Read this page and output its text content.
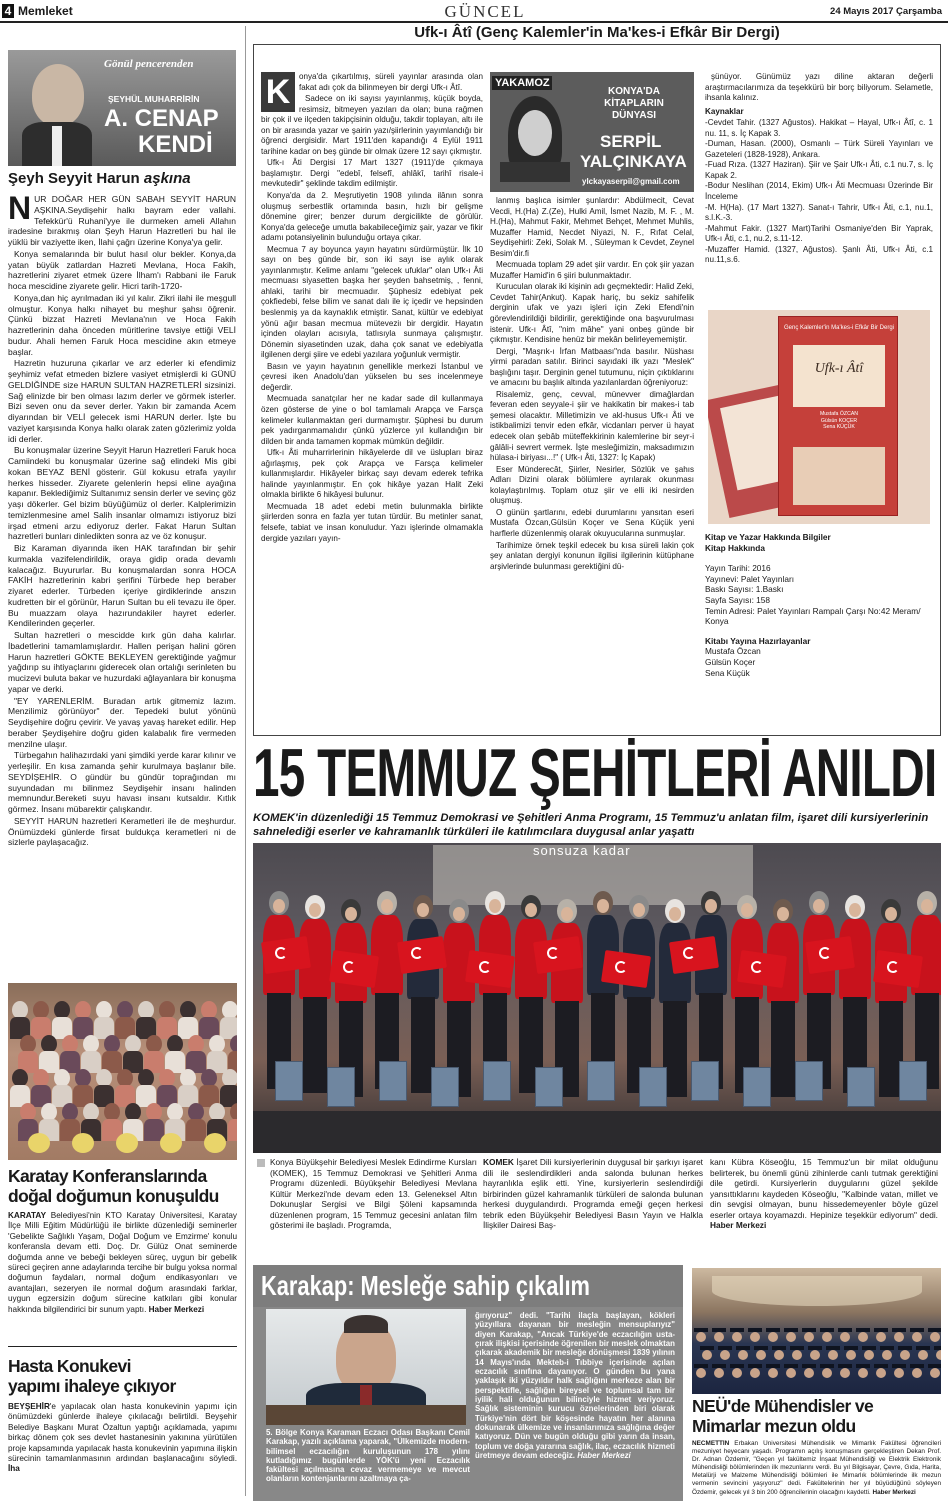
4 Memleket	GÜNCEL	24 Mayıs 2017 Çarşamba
Gönül pencerenden
ŞEYHÜL MUHARRİRİN
A. CENAP
KENDİ
Şeyh Seyyit Harun aşkına
N UR DOĞAR HER GÜN SABAH SEYYİT HARUN AŞKINA.Seydişehir halkı bayram eder vallahi. Tefekkür'ü Ruhani'yye ile durmeken ameli Allahın iradesine bırakmış olan Şeyh Harun Hazretleri bu hal ile yüklü bir vaziyette iken, İlahi çağrı üzerine Konya'ya gelir.

Konya semalarında bir bulut hasıl olur bekler. Konya,da yatan büyük zatlardan Hazreti Mevlana, Hoca Fakih, hazretlerini ziyaret etmek üzere İlham'ı Rabbani ile Faruk hoca mescidine ziyarete gelir. Hicri tarih-1720-

Konya,dan hiç ayrılmadan iki yıl kalır. Zikri ilahi ile meşgull olmuştur. Konya halkı nihayet bu meşhur şahsı öğrenir. Çünkü bizzat Hazreti Mevlana'nın ve Hoca Fakih hazretlerinin daha önceden müritlerine tavsiye ettiği VELİ budur. Ahali hemen Faruk Hoca mescidine akın etmeye başlar.

Hazretin huzuruna çıkarlar ve arz ederler ki efendimiz şeyhimiz vefat etmeden bizlere vasiyet etmişlerdi ki GÜNÜ GELDİĞİNDE size HARUN SULTAN HAZRETLERİ sizsinizi. Sağ elinizde bir ben olması lazım derler ve görmek isterler. Bizi seven onu da sever derler. Yakın bir zamanda Acem diyarından bir VELİ gelecek ismi HARUN derler. İşte bu vaziyet karşısında Konya halkı olarak zaten gözlerimiz yolda idi derler.

Bu konuşmalar üzerine Seyyit Harun Hazretleri Faruk hoca Camiindeki bu konuşmalar üzerine sağ elindeki Mis gibi kokan BEYAZ BENİ gösterir. Gül kokusu etrafa yayılır herkes hisseder. Ziyarete gelenlerin hepsi eline ayağına kapanır. Beklediğimiz Sultanımız sensin derler ve sevinç göz yaşı dökerler. Gel bizim büyüğümüz ol derler. Kalplerimizin temizlenmesine amel Salih insanlar olmamızı istiyoruz bizi irşad etmeni arzu ediyoruz derler. Fakat Harun Sultan hazretleri bunları dinledikten sonra az ve öz konuşur.

Biz Karaman diyarında iken HAK tarafından bir şehir kurmakla vazifelendirildik, oraya gidip orada devamlı kalacağız. Buyururlar. Bu konuşmalardan sonra HOCA FAKİH hazretlerinin kabri şerifini Türbede hep beraber ziyaret ederler. Türbeden içeriye girdiklerinde anszın kudretten bir el görünür, Harun Sultan bu eli tevazu ile öper. Bu muazzam olaya hazırundakiler hayret ederler. Kendilerinden geçerler.

Sultan hazretleri o mescidde kırk gün daha kalırlar. İbadetlerini tamamlamışlardır. Hallen perişan halini gören Harun hazretleri GÖKTE BEKLEYEN gerektiğinde yağmur yağdırıp su ihtiyaçlarını giderecek olan ortalığı serinleten bu mucizevi buluta bakar ve huzurdaki ağlayanlara bir konuşma yapar ve derki.

"EY YARENLERİM. Buradan artık gitmemiz lazım. Menzilimiz görünüyor" der. Tepedeki bulut yönünü Seydişehire doğru çevirir. Ve yavaş yavaş hareket edilir. Hep beraber Şeydişehire doğru giden kalabalık fire vermeden menzilne ulaşır.

Türbegahın halihazırdaki yani şimdiki yerde karar kılınır ve yerleşilir. En kısa zamanda şehir kurulmaya başlanır bile. SEYDİŞEHİR. O gündür bu gündür toprağından mı suyundadan mı bilinmez Seydişehir insanı halinden memnundur.Bereketi suyu havası insanı kutsaldır. Kıtlık görmez. İnsanı mübarektir çalışkandır.

SEYYİT HARUN hazretleri Kerametleri ile de meşhurdur. Önümüzdeki günlerde firsat buldukça kerametleri ni de sizlerle paylaşacağız.

Karatay Konferanslarında
doğal doğumun konuşuldu
KARATAY Belediyesi'nin KTO Karatay Üniversitesi, Karatay İlçe Milli Eğitim Müdürlüğü ile birlikte düzenlediği seminerler 'Gebelikte Sağlıklı Yaşam, Doğal Doğum ve Emzirme' konulu konferansla devam etti. Doç. Dr. Gülüz Onat seminerde doğumda anne ve bebeği bekleyen süreç, uygun bir gebelik süreci geçiren anne adaylarında tercihe bir bulgu yoksa normal doğumun faydaları, normal doğum endikasyonları ve avantajları, sezeryen ile normal doğum arasındaki farklar, uygun egzersizin doğum sürecine katkıları gibi konular hakkında bilgilendirici bir sunum yaptı. Haber Merkezi
Hasta Konukevi
yapımı ihaleye çıkıyor
BEYŞEHİR'e yapılacak olan hasta konukevinin yapımı için önümüzdeki günlerde ihaleye çıkılacağı belirtildi. Beyşehir Belediye Başkanı Murat Özaltun yaptığı açıklamada, yapımı birkaç dönem çok ses devlet hastanesinin yakınına yürütülen proje kapsamında yapılacak hasta konukevinin yapımına ilişkin sürecinin tamamlanmasının ardından başlanacağını söyledi. İha
Ufk-ı Âtî (Genç Kalemler'in Ma'kes-i Efkâr Bir Dergi)
K	onya'da çıkartılmış, süreli yayınlar arasında olan fakat adı çok da bilinmeyen bir dergi Ufk-ı Âtî.

Sadece on iki sayısı yayınlanmış, küçük boyda, resimsiz, bitmeyen yazıları da olan; buna rağmen bir çok il ve ilçeden takipçisinin olduğu, takdir toplayan, altı ile on bir arasında yazar ve şairin yazı/şiirlerinin yayımlandığı bir öğrenci dergisidir. Mart 1911'den kapandığı 4 Eylül 1911 tarihine kadar on beş günde bir olmak üzere 12 sayı çıkmıştır.

Ufk-ı Âti Dergisi 17 Mart 1327 (1911)'de çıkmaya başlamıştır. Dergi "edebî, felsefî, ahlâkî, tarihî risale-i mevkutedir" şeklinde takdim edilmiştir.

Konya'da da 2. Meşrutiyetin 1908 yılında ilânın sonra oluşmuş serbestlik ortamında basın, hızlı bir gelişme dönemine girer; benzer durum dergicilikte de görülür. Konya'da geleceğe umutla bakabileceğimiz şair, yazar ve fikir adamı potansiyelinin bulunduğu ortaya çıkar.

Mecmua 7 ay boyunca yayın hayatını sürdürmüştür. İlk 10 sayı on beş günde bir, son iki sayı ise aylık olarak yayınlanmıştır. Kelime anlamı "gelecek ufuklar" olan Ufk-ı Âti mecmuası siyasetten başka her şeyden bahsetmiş, , fenni, ahlaki, tarihi bir mecmuadır. Şüphesiz edebiyat pek çokfiedebi, felse bilim ve sanat dalı ile iç içedir ve hepsinden beslenmiş ya da kaynaklık etmiştir. Sanat, kültür ve edebiyat yönü ağır basan mecmua müteveziı bir dergidir. Hayatın içinden olayları acısıyla, tatlısıyla sunmaya çalışmıştır. Dönemin siyasetinden uzak, daha çok sanat ve edebiyatla ilgilenen dergi şiire ve edebi yazılara yoğunluk vermiştir.

Basın ve yayın hayatının genellikle merkezi İstanbul ve çevresi iken Anadolu'dan yükselen bu ses incelenmeye değerdir.

Mecmuada sanatçılar her ne kadar sade dil kullanmaya özen gösterse de yine o bol tamlamalı Arapça ve Farsça kelimeler kullanmaktan geri durmamıştır. Şüphesi bu durum pek yadırganmamalıdır çünkü yüzlerce yıl kullandığın bir dilden bir anda tamamen kopmak mümkün değildir.

Ufk-ı Âti muharrirlerinin hikâyelerde dil ve üslupları biraz ağırlaşmış, pek çok Arapça ve Farsça kelimeler kullanmışlardır. Hikâyeler birkaç sayı devam ederek tefrika halinde yayınlanmıştır. En çok hikâye yazan Halit Zeki olmakla birlikte 6 hikâyesi bulunur.

Mecmuada 18 adet edebi metin bulunmakla birlikte şiirlerden sonra en fazla yer tutan türdür. Bu metinler sanat, felsefe, tabiat ve insan konuludur. Yazı işlerinde olmamakla dergide yazıları yayın-

YAKAMOZ
KONYA'DA KİTAPLARIN DÜNYASI
SERPİL
YALÇINKAYA
ylckayaserpil@gmail.com

lanmış başlıca isimler şunlardır: Abdülmecit, Cevat Vecdi, H.(Ha) Z.(Ze), Hulki Amil, İsmet Nazib, M. F. , M. H.(Ha), Mahmut Fakir, Mehmet Behçet, Mehmet Muhlis, Muzaffer Hamid, Necdet Niyazi, N. F., Rıfat Celal, Seydişehirli: Zeki, Solak M. , Süleyman k Cevdet, Zeynel Besim'dir.fi

Mecmuada toplam 29 adet şiir vardır. En çok şiir yazan Muzaffer Hamid'in 6 şiiri bulunmaktadır.

Kuruculan olarak iki kişinin adı geçmektedir: Halid Zeki, Cevdet Tahir(Ankut). Kapak hariç, bu sekiz sahifelik derginin ufak ve yazı işleri için Zeki Efendi'nin görevlendirildiği bildirilir, gerektiğinde ona başvurulması istenir. Ufk-ı Âtî, "nim mâhe" yani onbeş günde bir çıkmıştır. Kendisine henüz bir mekân belirleyememiştir.

Dergi, "Maşrık-ı İrfan Matbaası"nda basılır. Nüshası yirmi paradan satılır. Birinci sayıdaki ilk yazı "Meslek" başlığını taşır. Derginin genel tutumunu, niçin çıktıklarını ve amacını bu başlık altında yazılanlardan öğreniyoruz:

Risalemiz, genç, cevval, münevver dimağlardan feveran eden seyyale-i şiir ve hakikatin bir makes-i tab şemesi olacaktır. Milletimizin ve akl-husus Ufk-ı Âti ve istikbalimizi tenvir eden efkâr, vicdanları perver ü hayat edecek olan şebâb müteffekkirinin kalemlerine bir seyr-i gâlâli-i sevrert vermek. İşte mesleğimizin, maksadımızın hülasa-i biriyası...!" ( Ufk-ı Âti, 1327: İç Kapak)

Eser Münderecât, Şiirler, Nesirler, Sözlük ve şahıs Adları Dizini olarak bölümlere ayrılarak okunması kolaylaştırılmış. Toplam otuz şiir ve elli iki nesirden oluşmuş.

O günün şartlarını, edebi durumlarını yansıtan eseri Mustafa Özcan,Gülsün Koçer ve Sena Küçük yeni harflerle düzenlenmiş olarak okuyucularına sunmuşlar.

Tarihimize örnek teşkil edecek bu kısa süreli lakin çok şey anlatan dergiyi konunun ilgilisi ilgilerinin kütüphane arşivlerinde bulunması gerektiğini dü-

şünüyor. Günümüz yazı diline aktaran değerli araştırmacılarımıza da teşekkürü bir borç biliyorum. Selametle, ihsanla kalınız.

Kaynaklar

-Cevdet Tahir. (1327 Ağustos). Hakikat – Hayal, Ufk-ı Âtî, c. 1 nu. 11, s. İç Kapak 3.
-Duman, Hasan. (2000), Osmanlı – Türk Süreli Yayınları ve Gazeteleri (1828-1928), Ankara.
-Fuad Rıza. (1327 Haziran). Şiir ve Şair Ufk-ı Âti, c.1 nu.7, s. İç Kapak 2.
-Bodur Neslihan (2014, Ekim) Ufk-ı Âti Mecmuası Üzerinde Bir İnceleme
-M. H(Ha). (17 Mart 1327). Sanat-ı Tahrir, Ufk-ı Âti, c.1, nu.1, s.l.K.-3.
-Mahmut Fakir. (1327 Mart)Tarihi Osmaniye'den Bir Yaprak, Ufk-ı Âti, c.1, nu.2, s.11-12.
-Muzaffer Hamid. (1327, Ağustos). Şanlı Âti, Ufk-ı Âti, c.1 nu.11,s.6.
Genç Kalemler'in Ma'kes-i Efkâr Bir Dergi
Ufk-ı Âtî
Mustafa ÖZCAN
Gülsün KOÇER
Sena KÜÇÜK
Kitap ve Yazar Hakkında Bilgiler
Kitap Hakkında
Yayın Tarihi: 2016
Yayınevi: Palet Yayınları
Baskı Sayısı: 1.Baskı
Sayfa Sayısı: 158
Temin Adresi: Palet Yayınları Rampalı Çarşı No:42 Meram/ Konya
Kitabı Yayına Hazırlayanlar
Mustafa Özcan
Gülsün Koçer
Sena Küçük
15 TEMMUZ ŞEHİTLERİ ANILDI
KOMEK'in düzenlediği 15 Temmuz Demokrasi ve Şehitleri Anma Programı, 15 Temmuz'u anlatan film, işaret dili kursiyerlerinin sahnelediği eserler ve kahramanlık türküleri ile katılımcılara duygusal anlar yaşattı
sonsuza kadar
Konya Büyükşehir Belediyesi Meslek Edindirme Kursları (KOMEK), 15 Temmuz Demokrasi ve Şehitleri Anma Programı düzenledi. Büyükşehir Belediyesi Mevlana Kültür Merkezi'nde devam eden 13. Geleneksel Altın Dokunuşlar Sergisi ve Bilgi Şöleni kapsamında düzenlenen program, 15 Temmuz gecesini anlatan film gösterimi ile başladı. Programda,
KOMEK İşaret Dili kursiyerlerinin duygusal bir şarkıyı işaret dili ile seslendirdikleri anda salonda bulunan herkes hayranlıkla eşlik etti. Yine, kursiyerlerin seslendirdiği birbirinden güzel kahramanlık türküleri de salonda bulunan herkesi duygulandırdı. Programda emeği geçen herkesi tebrik eden Büyükşehir Belediyesi Basın Yayın ve Halkla İlişkiler Dairesi Baş-
kanı Kübra Köseoğlu, 15 Temmuz'un bir milat olduğunu belirterek, bu önemli günü zihinlerde canlı tutmak gerektiğini dile getirdi. Kursiyerlerin duygularını güzel şekilde yansıttıklarını kaydeden Köseoğlu, "Kalbinde vatan, millet ve din sevgisi olmayan, bunu hissedemeyenler böyle güzel eserler ortaya koyamazdı. Hepinize teşekkür ediyorum" dedi. Haber Merkezi
Karakap: Mesleğe sahip çıkalım
5. Bölge Konya Karaman Eczacı Odası Başkanı Cemil Karakap, yazılı açıklama yaparak, "Ülkemizde modern-bilimsel eczacılığın kuruluşunun 178 yılını kutladığımız bugünlerde YÖK'ü yeni Eczacılık fakültesi açılmasına cevaz vermemeye ve mevcut olanların kontenjanlarını azaltmaya ça-
ğırıyoruz" dedi. "Tarihi ilaçla başlayan, kökleri yüzyıllara dayanan bir mesleğin mensuplarıyız" diyen Karakap, "Ancak Türkiye'de eczacılığın usta-çırak ilişkisi içerisinde öğrenilen bir meslek olmaktan çıkarak akademik bir mesleğe dönüşmesi 1839 yılının 14 Mayıs'ında Mekteb-i Tıbbiye içerisinde açılan eczacılık sınıfına dayanıyor. O günden bu yana yaklaşık iki yüzyıldır halk sağlığını merkeze alan bir perspektifle, sağlığın bireysel ve toplumsal tam bir iyilik hali olduğunun bilinciyle hizmet veriyoruz. Sağlık sisteminin kurucu öznelerinden biri olarak Türkiye'nin dört bir köşesinde hayatın her alanına dokunarak ülkemize ve insanlarımıza sağlığına değer katıyoruz. Dün ve bugün olduğu gibi yarın da insan, toplum ve doğa yararına sağlık, ilaç, eczacılık hizmeti üretmeye devam edeceğiz. Haber Merkezi
NEÜ'de Mühendisler ve
Mimarlar mezun oldu
NECMETTİN Erbakan Üniversitesi Mühendislik ve Mimarlık Fakültesi öğrencileri mezuniyet heyecanı yaşadı. Programın açılış konuşmasını gerçekleştiren Dekan Prof. Dr. Adnan Özdemir, "Geçen yıl fakültemiz İnşaat Mühendisliği ve Elektrik Elektronik Mühendisliği bölümlerinden ilk mezunlarını verdi. Bu yıl Bilgisayar, Çevre, Gıda, Harita, Metalürji ve Malzeme Mühendisliği bölümleri ile Mimarlık bölümlerinde ilk mezun vermenin sevincini yaşıyoruz" dedi. Fakültelerinin her yıl büyüdüğünü söyleyen Özdemir, gelecek yıl 3 bin 200 öğrencilerinin olacağını kaydetti. Haber Merkezi
